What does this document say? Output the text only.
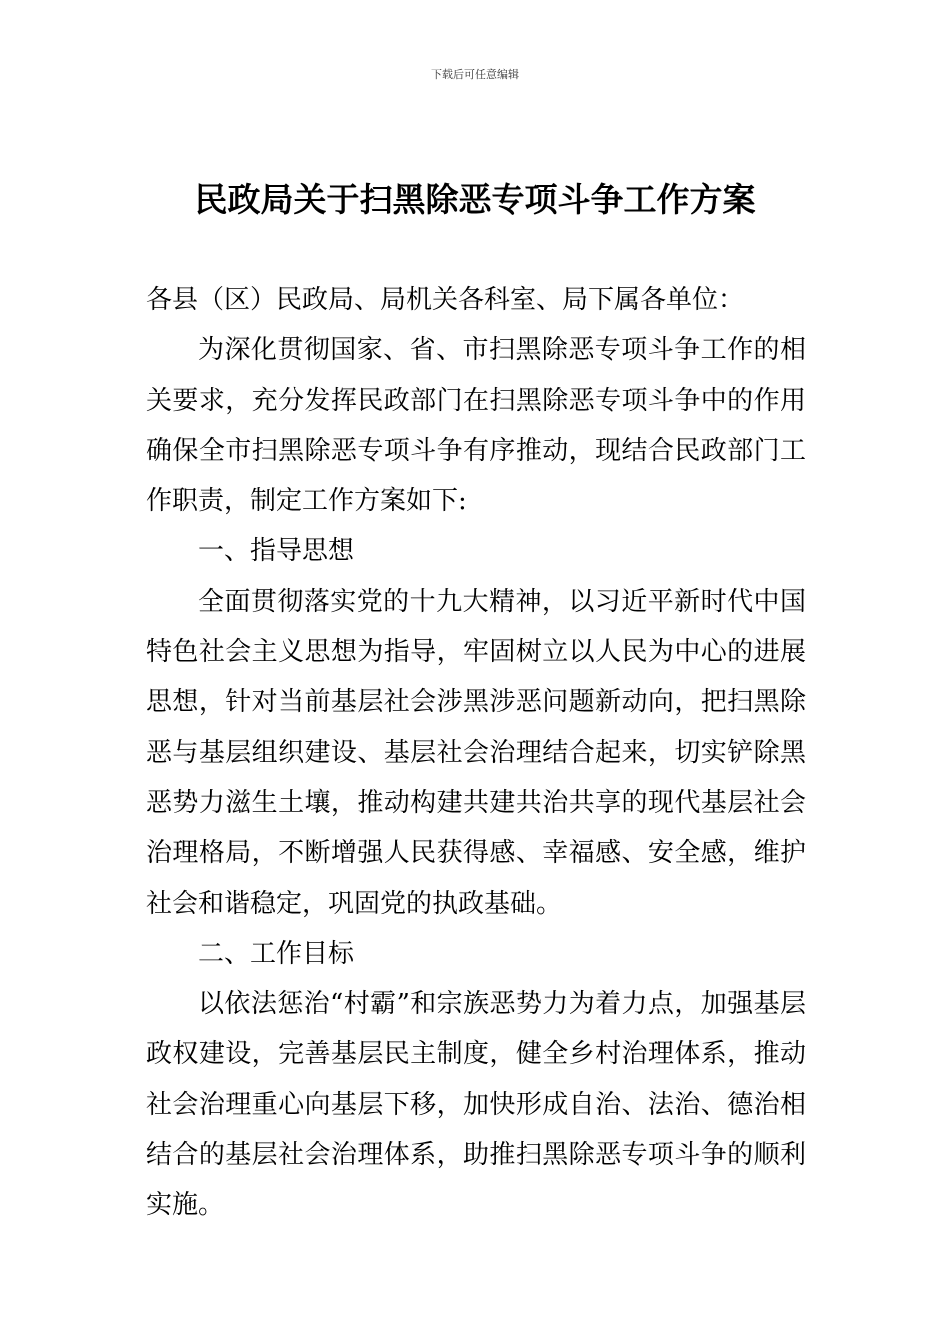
下载后可任意编辑
民政局关于扫黑除恶专项斗争工作方案

各县（区）民政局、局机关各科室、局下属各单位：

为深化贯彻国家、省、市扫黑除恶专项斗争工作的相关要求，充分发挥民政部门在扫黑除恶专项斗争中的作用确保全市扫黑除恶专项斗争有序推动，现结合民政部门工作职责，制定工作方案如下:

一、指导思想

全面贯彻落实党的十九大精神，以习近平新时代中国特色社会主义思想为指导，牢固树立以人民为中心的进展思想，针对当前基层社会涉黑涉恶问题新动向，把扫黑除恶与基层组织建设、基层社会治理结合起来，切实铲除黑恶势力滋生土壤，推动构建共建共治共享的现代基层社会治理格局，不断增强人民获得感、幸福感、安全感，维护社会和谐稳定，巩固党的执政基础。

二、工作目标

以依法惩治“村霸”和宗族恶势力为着力点，加强基层政权建设，完善基层民主制度，健全乡村治理体系，推动社会治理重心向基层下移，加快形成自治、法治、德治相结合的基层社会治理体系，助推扫黑除恶专项斗争的顺利实施。
